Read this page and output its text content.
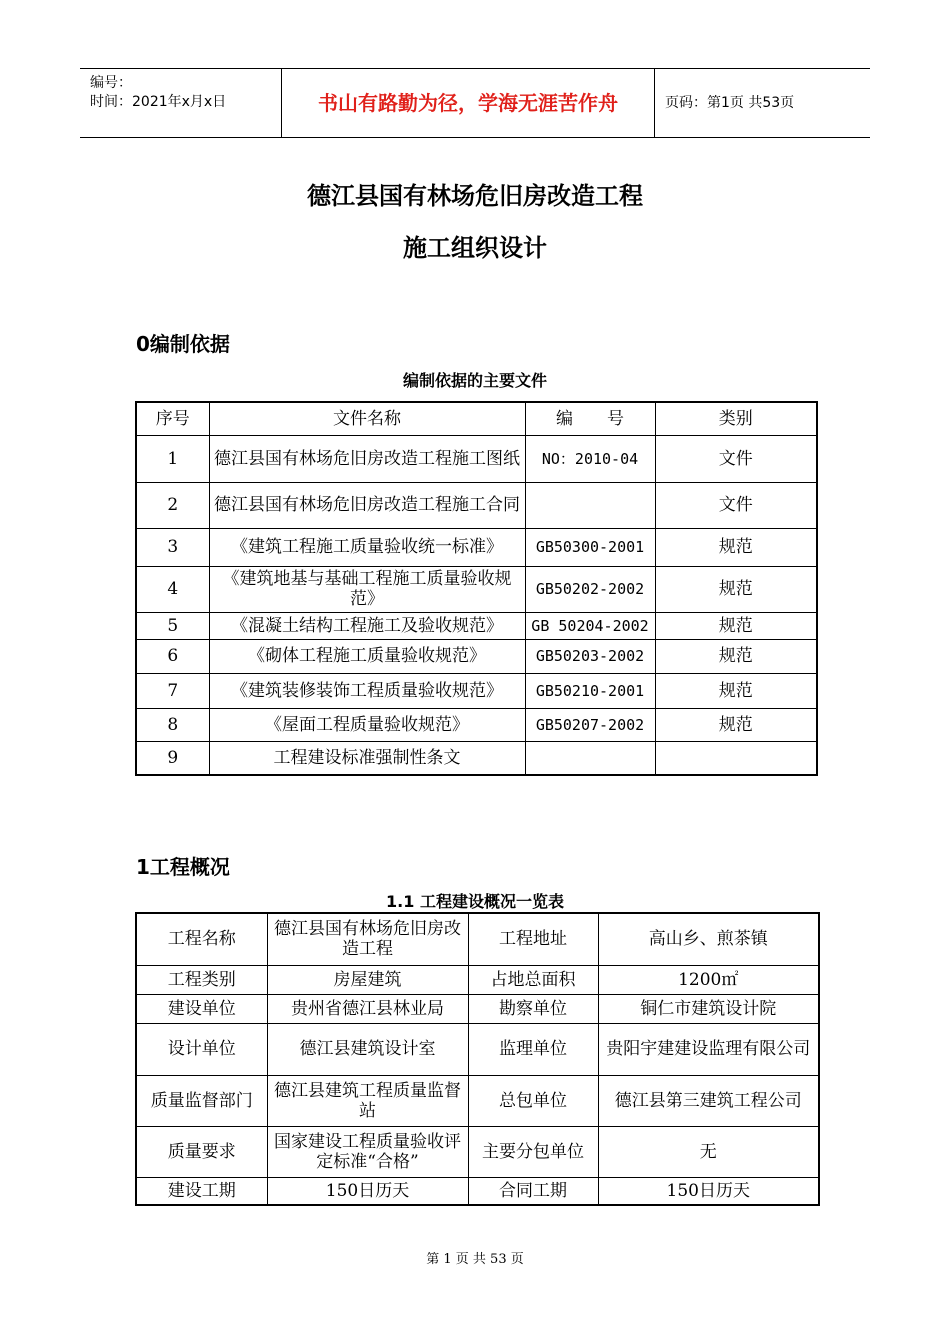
编号：
时间：2021年x月x日	书山有路勤为径，学海无涯苦作舟	页码：第1页 共53页
德江县国有林场危旧房改造工程
施工组织设计
0编制依据
编制依据的主要文件
序号	文件名称	编　　号	类别
1	德江县国有林场危旧房改造工程施工图纸	NO：2010-04	文件
2	德江县国有林场危旧房改造工程施工合同		文件
3	《建筑工程施工质量验收统一标准》	GB50300-2001	规范
4	《建筑地基与基础工程施工质量验收规范》	GB50202-2002	规范
5	《混凝土结构工程施工及验收规范》	GB 50204-2002	规范
6	《砌体工程施工质量验收规范》	GB50203-2002	规范
7	《建筑装修装饰工程质量验收规范》	GB50210-2001	规范
8	《屋面工程质量验收规范》	GB50207-2002	规范
9	工程建设标准强制性条文		
1工程概况
1.1 工程建设概况一览表
工程名称	德江县国有林场危旧房改造工程	工程地址	高山乡、煎茶镇
工程类别	房屋建筑	占地总面积	1200㎡
建设单位	贵州省德江县林业局	勘察单位	铜仁市建筑设计院
设计单位	德江县建筑设计室	监理单位	贵阳宇建建设监理有限公司
质量监督部门	德江县建筑工程质量监督站	总包单位	德江县第三建筑工程公司
质量要求	国家建设工程质量验收评定标准“合格”	主要分包单位	无
建设工期	150日历天	合同工期	150日历天
第 1 页 共 53 页
